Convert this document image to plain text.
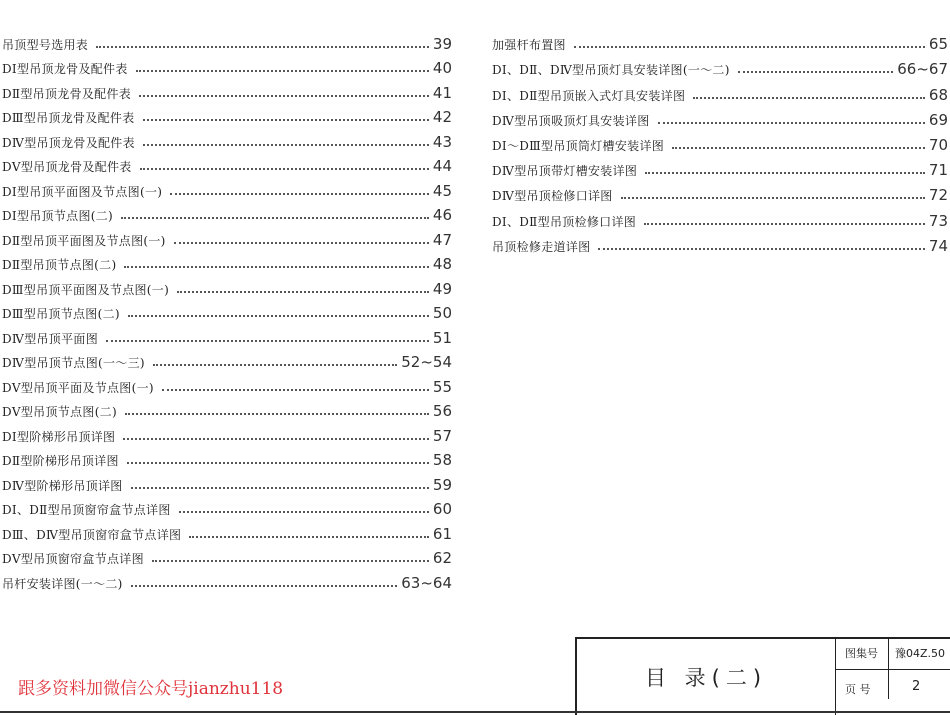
吊顶型号选用表	39
DⅠ型吊顶龙骨及配件表	40
DⅡ型吊顶龙骨及配件表	41
DⅢ型吊顶龙骨及配件表	42
DⅣ型吊顶龙骨及配件表	43
DⅤ型吊顶龙骨及配件表	44
DⅠ型吊顶平面图及节点图(一)	45
DⅠ型吊顶节点图(二)	46
DⅡ型吊顶平面图及节点图(一)	47
DⅡ型吊顶节点图(二)	48
DⅢ型吊顶平面图及节点图(一)	49
DⅢ型吊顶节点图(二)	50
DⅣ型吊顶平面图	51
DⅣ型吊顶节点图(一～三)	52~54
DⅤ型吊顶平面及节点图(一)	55
DⅤ型吊顶节点图(二)	56
DⅠ型阶梯形吊顶详图	57
DⅡ型阶梯形吊顶详图	58
DⅣ型阶梯形吊顶详图	59
DⅠ、DⅡ型吊顶窗帘盒节点详图	60
DⅢ、DⅣ型吊顶窗帘盒节点详图	61
DⅤ型吊顶窗帘盒节点详图	62
吊杆安装详图(一～二)	63~64
加强杆布置图	65
DⅠ、DⅡ、DⅣ型吊顶灯具安装详图(一～二)	66~67
DⅠ、DⅡ型吊顶嵌入式灯具安装详图	68
DⅣ型吊顶吸顶灯具安装详图	69
DⅠ～DⅢ型吊顶筒灯槽安装详图	70
DⅣ型吊顶带灯槽安装详图	71
DⅣ型吊顶检修口详图	72
DⅠ、DⅡ型吊顶检修口详图	73
吊顶检修走道详图	74
跟多资料加微信公众号jianzhu118	目 录(二)
图集号 豫04Z.50
页 号	2
